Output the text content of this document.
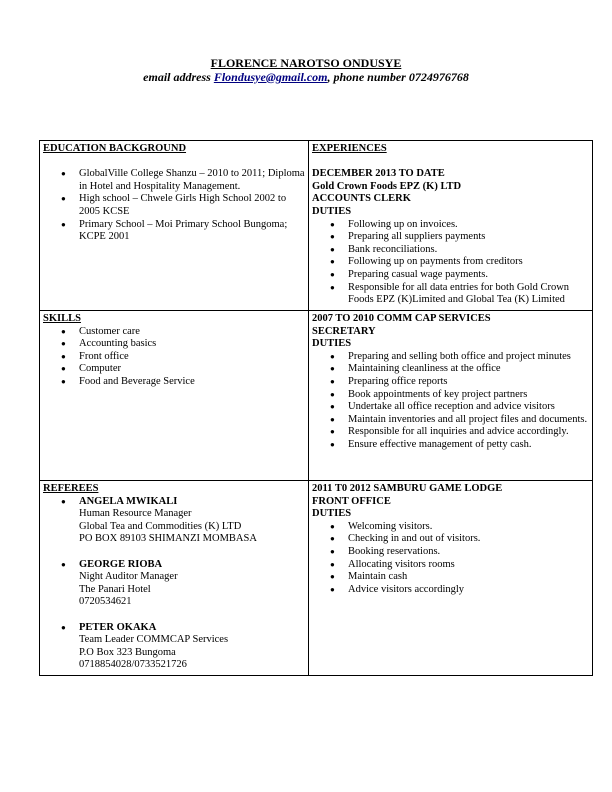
FLORENCE NAROTSO ONDUSYE
email address Flondusye@gmail.com, phone number 0724976768
EDUCATION BACKGROUND
● GlobalVille College Shanzu – 2010 to 2011; Diploma in Hotel and Hospitality Management.
● High school – Chwele Girls High School 2002 to 2005 KCSE
● Primary School – Moi Primary School Bungoma; KCPE 2001
EXPERIENCES
DECEMBER 2013 TO DATE
Gold Crown Foods EPZ (K) LTD
ACCOUNTS CLERK
DUTIES
● Following up on invoices.
● Preparing all suppliers payments
● Bank reconciliations.
● Following up on payments from creditors
● Preparing casual wage payments.
● Responsible for all data entries for both Gold Crown Foods EPZ (K)Limited and Global Tea (K) Limited
SKILLS
● Customer care
● Accounting basics
● Front office
● Computer
● Food and Beverage Service
2007 TO 2010 COMM CAP SERVICES
SECRETARY
DUTIES
● Preparing and selling both office and project minutes
● Maintaining cleanliness at the office
● Preparing office reports
● Book appointments of key project partners
● Undertake all office reception and advice visitors
● Maintain inventories and all project files and documents.
● Responsible for all inquiries and advice accordingly.
● Ensure effective management of petty cash.
REFEREES
● ANGELA MWIKALI
Human Resource Manager
Global Tea and Commodities (K) LTD
PO BOX 89103 SHIMANZI MOMBASA
● GEORGE RIOBA
Night Auditor Manager
The Panari Hotel
0720534621
● PETER OKAKA
Team Leader COMMCAP Services
P.O Box 323 Bungoma
0718854028/0733521726
2011 T0 2012 SAMBURU GAME LODGE
FRONT OFFICE
DUTIES
● Welcoming visitors.
● Checking in and out of visitors.
● Booking reservations.
● Allocating visitors rooms
● Maintain cash
● Advice visitors accordingly
